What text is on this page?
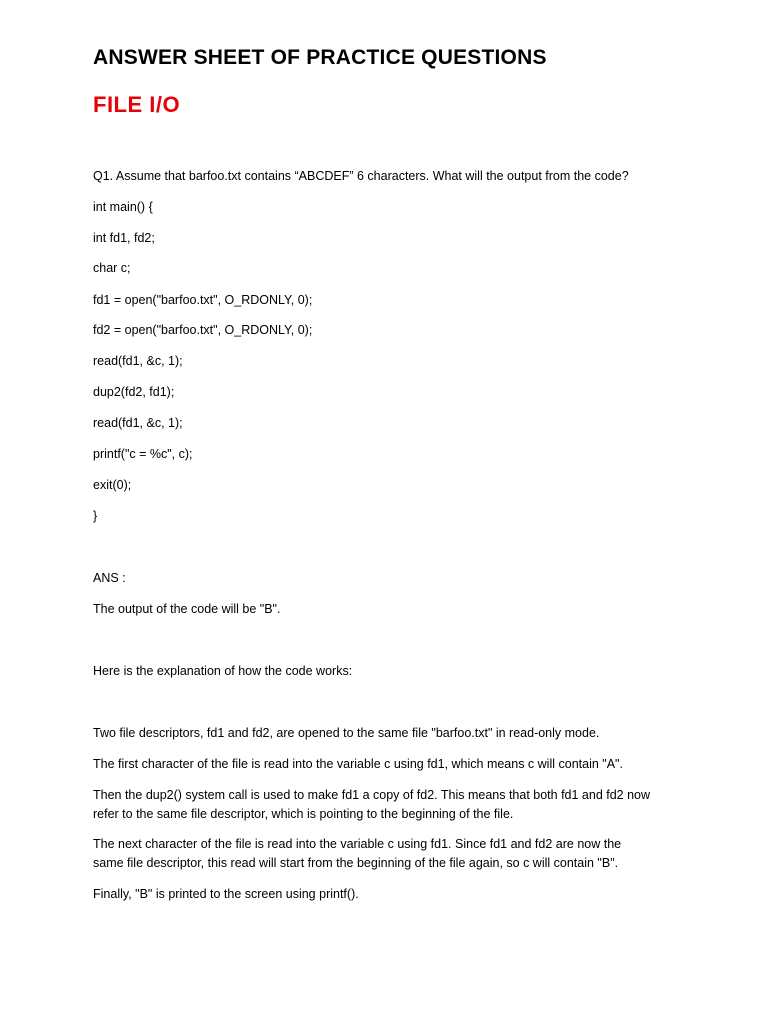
ANSWER SHEET OF PRACTICE QUESTIONS
FILE I/O
Q1. Assume that barfoo.txt contains “ABCDEF” 6 characters. What will the output from the code?
int main() {
int fd1, fd2;
char c;
fd1 = open("barfoo.txt", O_RDONLY, 0);
fd2 = open("barfoo.txt", O_RDONLY, 0);
read(fd1, &c, 1);
dup2(fd2, fd1);
read(fd1, &c, 1);
printf("c = %c", c);
exit(0);
}
ANS :
The output of the code will be "B".
Here is the explanation of how the code works:
Two file descriptors, fd1 and fd2, are opened to the same file "barfoo.txt" in read-only mode.
The first character of the file is read into the variable c using fd1, which means c will contain "A".
Then the dup2() system call is used to make fd1 a copy of fd2. This means that both fd1 and fd2 now
refer to the same file descriptor, which is pointing to the beginning of the file.
The next character of the file is read into the variable c using fd1. Since fd1 and fd2 are now the
same file descriptor, this read will start from the beginning of the file again, so c will contain "B".
Finally, "B" is printed to the screen using printf().
